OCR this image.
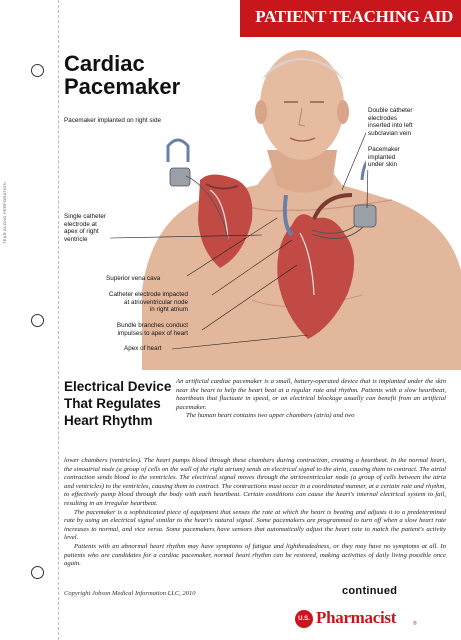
TEAR ALONG PERFORATION
PATIENT TEACHING AID
Cardiac
Pacemaker
Pacemaker implanted on right side
Double catheter
electrodes
inserted into left
subclavian vein
Pacemaker
implanted
under skin
Single catheter
electrode at
apex of right
ventricle
Superior vena cava
Catheter electrode impacted
at atrioventricular node
in right atrium
Bundle branches conduct
impulses to apex of heart
Apex of heart
Electrical Device
That Regulates
Heart Rhythm
An artificial cardiac pacemaker is a small, battery-operated device that is implanted under the skin near the heart to help the heart beat at a regular rate and rhythm. Patients with a slow heartbeat, heartbeats that fluctuate in speed, or an electrical blockage usually can benefit from an artificial pacemaker.
The human heart contains two upper chambers (atria) and two

lower chambers (ventricles). The heart pumps blood through these chambers during contraction, creating a heartbeat. In the normal heart, the sinoatrial node (a group of cells on the wall of the right atrium) sends an electrical signal to the atria, causing them to contract. The atrial contraction sends blood to the ventricles. The electrical signal moves through the atrioventricular node (a group of cells between the atria and ventricles) to the ventricles, causing them to contract. The contractions must occur in a coordinated manner, at a certain rate and rhythm, to effectively pump blood through the body with each heartbeat. Certain conditions can cause the heart's internal electrical system to fail, resulting in an irregular heartbeat.

The pacemaker is a sophisticated piece of equipment that senses the rate at which the heart is beating and adjusts it to a predetermined rate by using an electrical signal similar to the heart's natural signal. Some pacemakers are programmed to turn off when a slow heart rate increases to normal, and vice versa. Some pacemakers have sensors that automatically adjust the heart rate to match the patient's activity level.

Patients with an abnormal heart rhythm may have symptoms of fatigue and lightheadedness, or they may have no symptoms at all. In patients who are candidates for a cardiac pacemaker, normal heart rhythm can be restored, making activities of daily living possible once again.

Copyright Jobson Medical Information LLC, 2010	continued
U.S. Pharmacist	®
